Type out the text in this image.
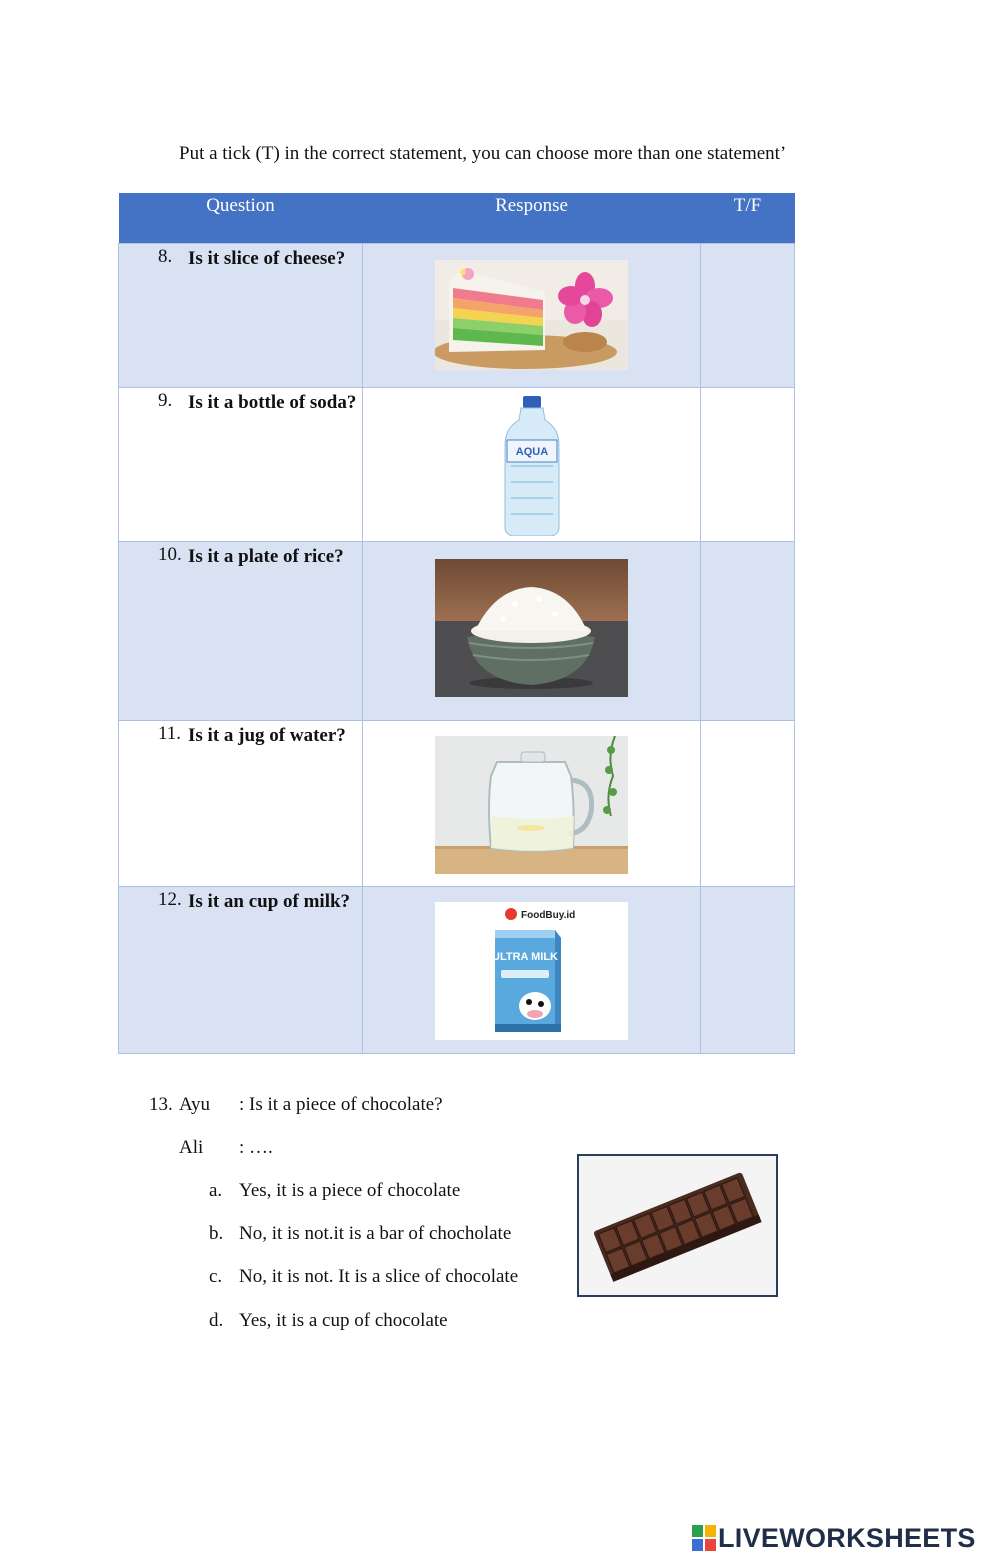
Put a tick (T) in the correct statement, you can choose more than one statement’
Question	Response	T/F

8. Is it slice of cheese?

9. Is it a bottle of soda?	AQUA	

10. Is it a plate of rice?

11. Is it a jug of water?

12. Is it an cup of milk?	FoodBuy.id
ULTRA MILK	

13. Ayu : Is it a piece of chocolate?
Ali : ….
a. Yes, it is a piece of chocolate
b. No, it is not.it is a bar of chocholate
c. No, it is not. It is a slice of chocolate
d. Yes, it is a cup of chocolate
LIVEWORKSHEETS
